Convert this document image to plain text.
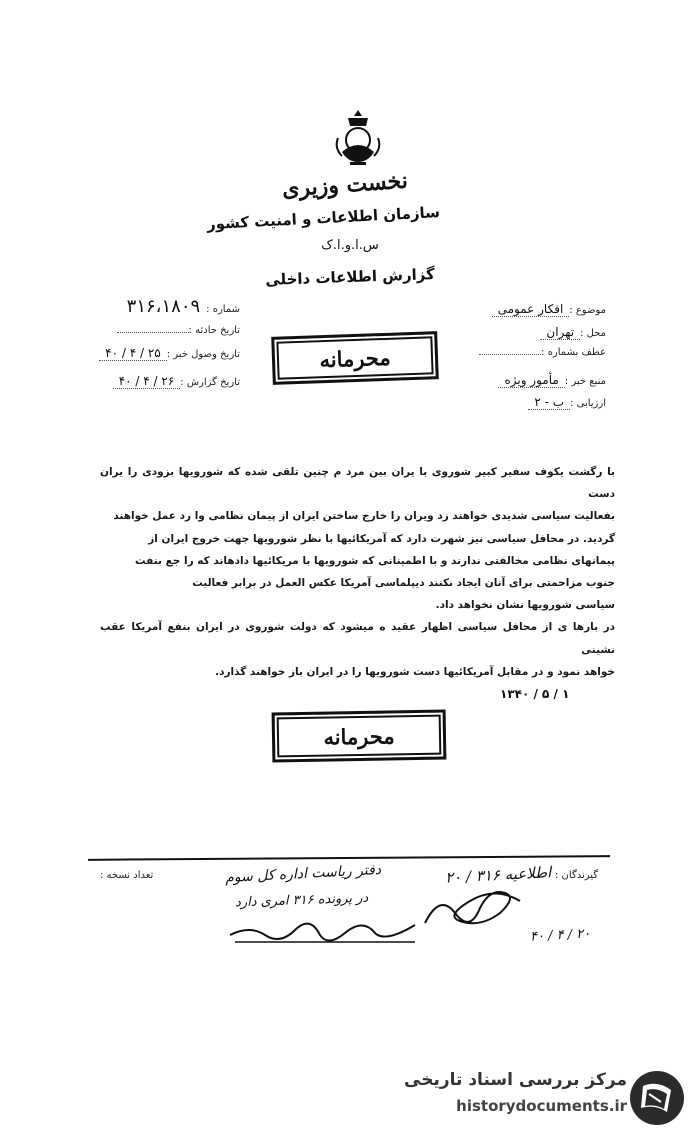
نخست وزیری
سازمان اطلاعات و امنیت کشور
س.ا.و.ا.ک
گزارش اطلاعات داخلی
شماره :
۳۱۶،۱۸۰۹
تاریخ حادثه :
تاریخ وصول خبر :
۲۵ / ۴ / ۴۰
تاریخ گزارش :
۲۶ / ۴ / ۴۰
موضوع :
افکار عمومی
محل :
تهران
عطف بشماره :
منبع خبر :
مأمور ویژه
ارزیابی :
ب - ۲
محرمانه

با رگشت یکوف سفیر کبیر شوروی با یران بین مرد م چنین تلقی شده که شورویها بزودی را یران دست

بفعالیت سیاسی شدیدی خواهند زد ویران را خارج ساختن ایران از پیمان نظامی وا رد عمل خواهند

گردید. در محافل سیاسی نیز شهرت دارد که آمریکائیها با نظر شورویها جهت خروج ایران از

پیمانهای نظامی مخالفتی ندارند و با اطمینانی که شورویها با مریکائیها دادهاند که را جع بنفت

جنوب مزاحمتی برای آنان ایجاد نکنند دیپلماسی آمریکا عکس العمل در برابر فعالیت

سیاسی شورویها نشان نخواهد داد.

در بارها ی از محافل سیاسی اظهار عقید ه میشود که دولت شوروی در ایران بنفع آمریکا عقب نشینی

خواهد نمود و در مقابل آمریکائیها دست شورویها را در ایران باز خواهند گذارد.

۱۳۴۰ / ۵ / ۱
محرمانه
گیرندگان :
تعداد نسخه :	اطلاعیه ۳۱۶ / ۲۰
دفتر ریاست اداره کل سوم
در پرونده ۳۱۶ امری دارد
۲۰ / ۴ / ۴۰
مرکز بررسی اسناد تاریخی
historydocuments.ir
